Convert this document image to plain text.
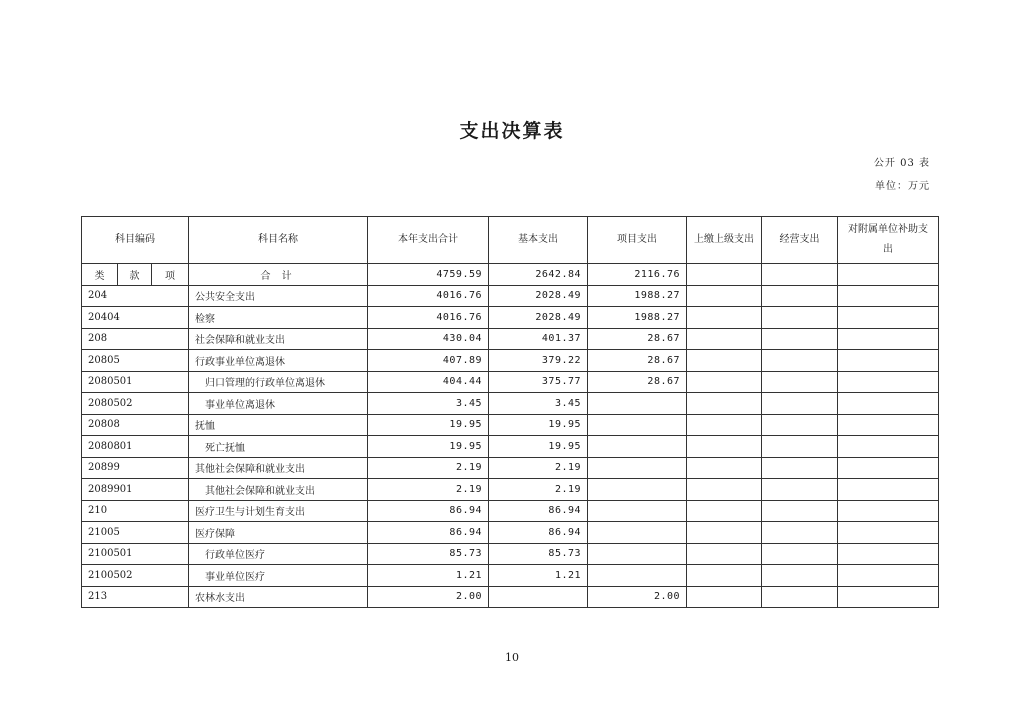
支出决算表
公开 03 表
单位：万元
科目编码			科目名称	本年支出合计	基本支出	项目支出	上缴上级支出	经营支出	对附属单位补助支出
类	款	项	合 计	4759.59	2642.84	2116.76			
204			公共安全支出	4016.76	2028.49	1988.27			
20404			检察	4016.76	2028.49	1988.27			
208			社会保障和就业支出	430.04	401.37	28.67			
20805			行政事业单位离退休	407.89	379.22	28.67			
2080501			归口管理的行政单位离退休	404.44	375.77	28.67			
2080502			事业单位离退休	3.45	3.45				
20808			抚恤	19.95	19.95				
2080801			死亡抚恤	19.95	19.95				
20899			其他社会保障和就业支出	2.19	2.19				
2089901			其他社会保障和就业支出	2.19	2.19				
210			医疗卫生与计划生育支出	86.94	86.94				
21005			医疗保障	86.94	86.94				
2100501			行政单位医疗	85.73	85.73				
2100502			事业单位医疗	1.21	1.21				
213			农林水支出	2.00		2.00			
10
